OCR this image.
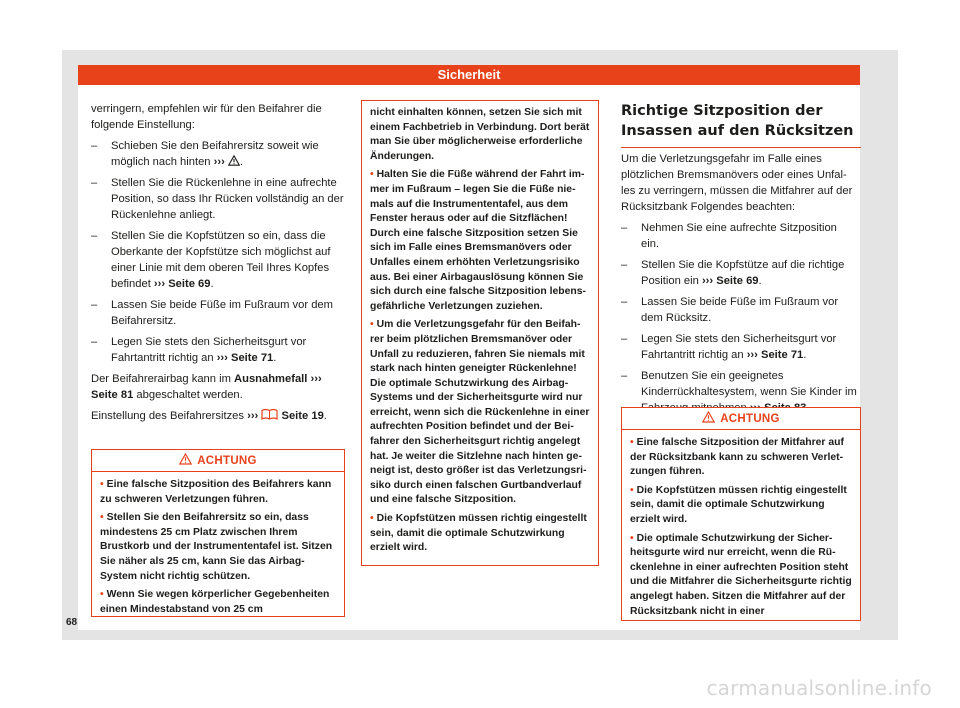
Sicherheit

verringern, empfehlen wir für den Beifahrer die folgende Einstellung:

– Schieben Sie den Beifahrersitz soweit wie möglich nach hinten ››› .
– Stellen Sie die Rückenlehne in eine aufrechte Position, so dass Ihr Rücken vollständig an der Rückenlehne anliegt.
– Stellen Sie die Kopfstützen so ein, dass die Oberkante der Kopfstütze sich möglichst auf einer Linie mit dem oberen Teil Ihres Kopfes befindet ››› Seite 69.
– Lassen Sie beide Füße im Fußraum vor dem Beifahrersitz.
– Legen Sie stets den Sicherheitsgurt vor Fahrtantritt richtig an ››› Seite 71.

Der Beifahrerairbag kann im Ausnahmefall ››› Seite 81 abgeschaltet werden.

Einstellung des Beifahrersitzes ››› Seite 19.

ACHTUNG

• Eine falsche Sitzposition des Beifahrers kann zu schweren Verletzungen führen.

• Stellen Sie den Beifahrersitz so ein, dass mindestens 25 cm Platz zwischen Ihrem Brustkorb und der Instrumententafel ist. Sitzen Sie näher als 25 cm, kann Sie das Airbag-System nicht richtig schützen.

• Wenn Sie wegen körperlicher Gegebenheiten einen Mindestabstand von 25 cm

nicht einhalten können, setzen Sie sich mit einem Fachbetrieb in Verbindung. Dort berät man Sie über möglicherweise erforderliche Änderungen.

• Halten Sie die Füße während der Fahrt immer im Fußraum – legen Sie die Füße niemals auf die Instrumententafel, aus dem Fenster heraus oder auf die Sitzflächen! Durch eine falsche Sitzposition setzen Sie sich im Falle eines Bremsmanövers oder Unfalles einem erhöhten Verletzungsrisiko aus. Bei einer Airbagauslösung können Sie sich durch eine falsche Sitzposition lebensgefährliche Verletzungen zuziehen.

• Um die Verletzungsgefahr für den Beifahrer beim plötzlichen Bremsmanöver oder Unfall zu reduzieren, fahren Sie niemals mit stark nach hinten geneigter Rückenlehne! Die optimale Schutzwirkung des Airbag-Systems und der Sicherheitsgurte wird nur erreicht, wenn sich die Rückenlehne in einer aufrechten Position befindet und der Beifahrer den Sicherheitsgurt richtig angelegt hat. Je weiter die Sitzlehne nach hinten geneigt ist, desto größer ist das Verletzungsrisiko durch einen falschen Gurtbandverlauf und eine falsche Sitzposition.

• Die Kopfstützen müssen richtig eingestellt sein, damit die optimale Schutzwirkung erzielt wird.

Richtige Sitzposition der Insassen auf den Rücksitzen

Um die Verletzungsgefahr im Falle eines plötzlichen Bremsmanövers oder eines Unfalles zu verringern, müssen die Mitfahrer auf der Rücksitzbank Folgendes beachten:

– Nehmen Sie eine aufrechte Sitzposition ein.
– Stellen Sie die Kopfstütze auf die richtige Position ein ››› Seite 69.
– Lassen Sie beide Füße im Fußraum vor dem Rücksitz.
– Legen Sie stets den Sicherheitsgurt vor Fahrtantritt richtig an ››› Seite 71.
– Benutzen Sie ein geeignetes Kinderrückhaltesystem, wenn Sie Kinder im
ACHTUNG

• Eine falsche Sitzposition der Mitfahrer auf der Rücksitzbank kann zu schweren Verletzungen führen.

• Die Kopfstützen müssen richtig eingestellt sein, damit die optimale Schutzwirkung erzielt wird.

• Die optimale Schutzwirkung der Sicherheitsgurte wird nur erreicht, wenn die Rückenlehne in einer aufrechten Position steht und die Mitfahrer die Sicherheitsgurte richtig angelegt haben. Sitzen die Mitfahrer auf der Rücksitzbank nicht in einer

68
carmanualsonline.info
